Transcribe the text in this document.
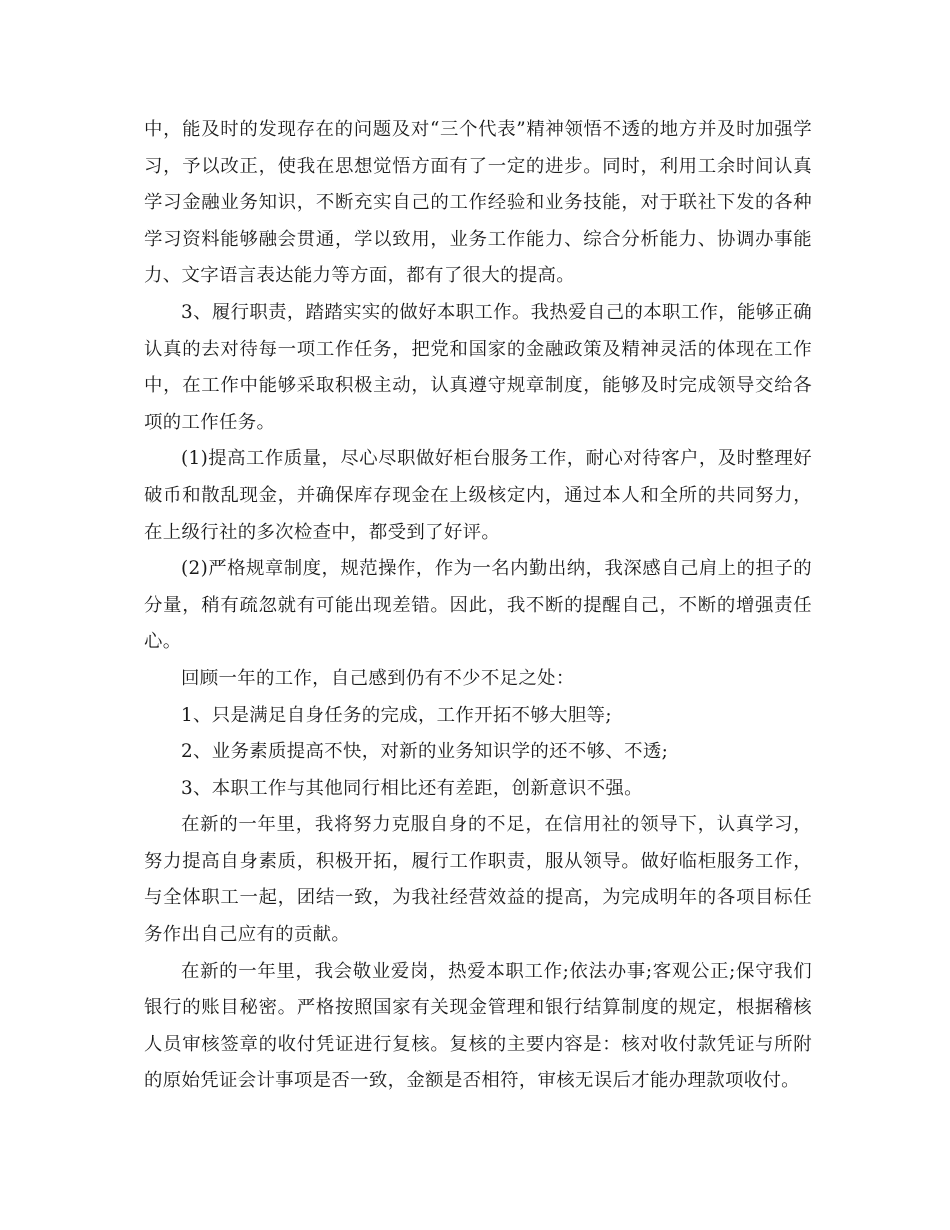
中，能及时的发现存在的问题及对“三个代表”精神领悟不透的地方并及时加强学习，予以改正，使我在思想觉悟方面有了一定的进步。同时，利用工余时间认真学习金融业务知识，不断充实自己的工作经验和业务技能，对于联社下发的各种学习资料能够融会贯通，学以致用，业务工作能力、综合分析能力、协调办事能力、文字语言表达能力等方面，都有了很大的提高。

3、履行职责，踏踏实实的做好本职工作。我热爱自己的本职工作，能够正确认真的去对待每一项工作任务，把党和国家的金融政策及精神灵活的体现在工作中，在工作中能够采取积极主动，认真遵守规章制度，能够及时完成领导交给各项的工作任务。

(1)提高工作质量，尽心尽职做好柜台服务工作，耐心对待客户，及时整理好破币和散乱现金，并确保库存现金在上级核定内，通过本人和全所的共同努力，在上级行社的多次检查中，都受到了好评。

(2)严格规章制度，规范操作，作为一名内勤出纳，我深感自己肩上的担子的分量，稍有疏忽就有可能出现差错。因此，我不断的提醒自己，不断的增强责任心。

回顾一年的工作，自己感到仍有不少不足之处：

1、只是满足自身任务的完成，工作开拓不够大胆等;

2、业务素质提高不快，对新的业务知识学的还不够、不透;

3、本职工作与其他同行相比还有差距，创新意识不强。

在新的一年里，我将努力克服自身的不足，在信用社的领导下，认真学习，努力提高自身素质，积极开拓，履行工作职责，服从领导。做好临柜服务工作，与全体职工一起，团结一致，为我社经营效益的提高，为完成明年的各项目标任务作出自己应有的贡献。

在新的一年里，我会敬业爱岗，热爱本职工作;依法办事;客观公正;保守我们银行的账目秘密。严格按照国家有关现金管理和银行结算制度的规定，根据稽核人员审核签章的收付凭证进行复核。复核的主要内容是：核对收付款凭证与所附的原始凭证会计事项是否一致，金额是否相符，审核无误后才能办理款项收付。
